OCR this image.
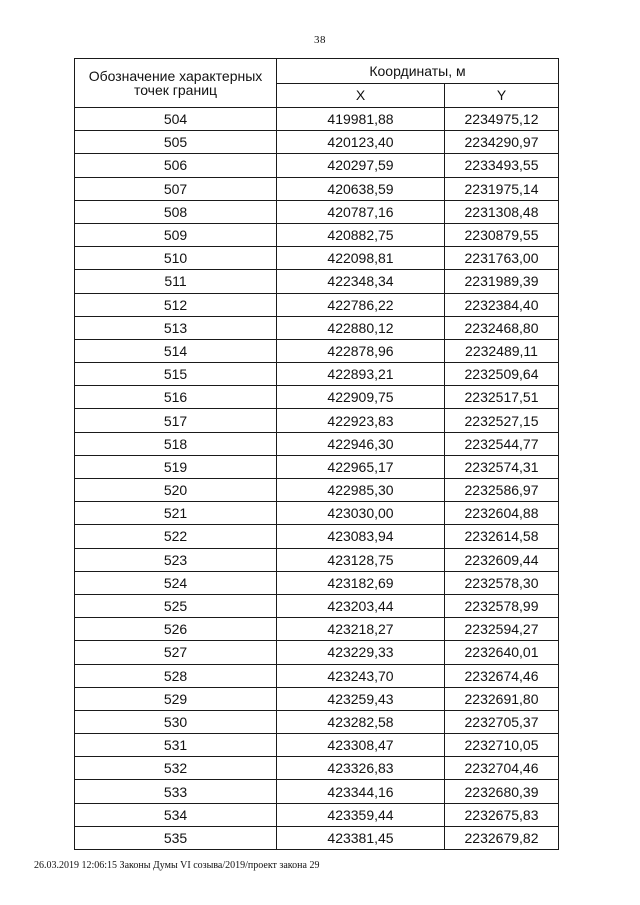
38
Обозначение характерных точек границ	Координаты, м	
	X	Y
504	419981,88	2234975,12
505	420123,40	2234290,97
506	420297,59	2233493,55
507	420638,59	2231975,14
508	420787,16	2231308,48
509	420882,75	2230879,55
510	422098,81	2231763,00
511	422348,34	2231989,39
512	422786,22	2232384,40
513	422880,12	2232468,80
514	422878,96	2232489,11
515	422893,21	2232509,64
516	422909,75	2232517,51
517	422923,83	2232527,15
518	422946,30	2232544,77
519	422965,17	2232574,31
520	422985,30	2232586,97
521	423030,00	2232604,88
522	423083,94	2232614,58
523	423128,75	2232609,44
524	423182,69	2232578,30
525	423203,44	2232578,99
526	423218,27	2232594,27
527	423229,33	2232640,01
528	423243,70	2232674,46
529	423259,43	2232691,80
530	423282,58	2232705,37
531	423308,47	2232710,05
532	423326,83	2232704,46
533	423344,16	2232680,39
534	423359,44	2232675,83
535	423381,45	2232679,82
26.03.2019 12:06:15 Законы Думы VI созыва/2019/проект закона 29
